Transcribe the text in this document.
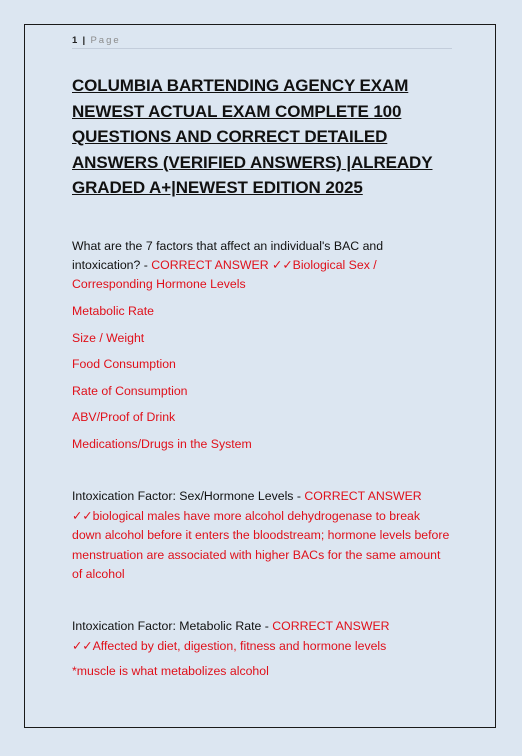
1 | Page
COLUMBIA BARTENDING AGENCY EXAM NEWEST ACTUAL EXAM COMPLETE 100 QUESTIONS AND CORRECT DETAILED ANSWERS (VERIFIED ANSWERS) |ALREADY GRADED A+|NEWEST EDITION 2025
What are the 7 factors that affect an individual's BAC and intoxication? - CORRECT ANSWER ✓✓Biological Sex / Corresponding Hormone Levels
Metabolic Rate
Size / Weight
Food Consumption
Rate of Consumption
ABV/Proof of Drink
Medications/Drugs in the System
Intoxication Factor: Sex/Hormone Levels - CORRECT ANSWER
✓✓biological males have more alcohol dehydrogenase to break down alcohol before it enters the bloodstream; hormone levels before menstruation are associated with higher BACs for the same amount of alcohol
Intoxication Factor: Metabolic Rate - CORRECT ANSWER
✓✓Affected by diet, digestion, fitness and hormone levels
*muscle is what metabolizes alcohol
